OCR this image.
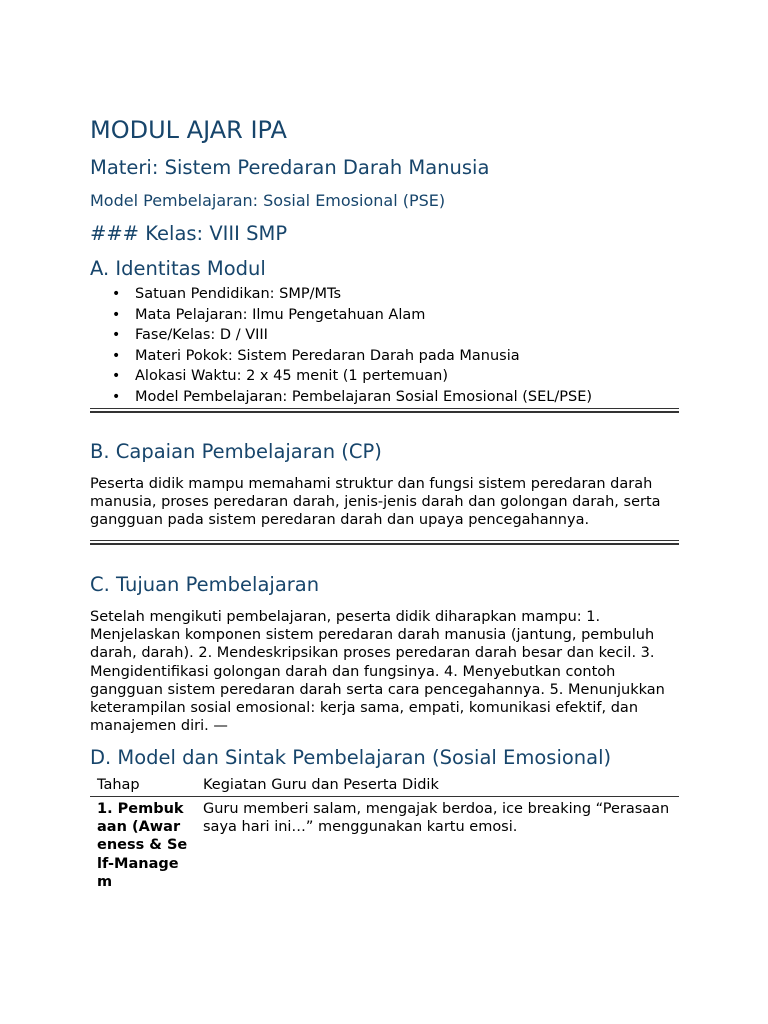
MODUL AJAR IPA
Materi: Sistem Peredaran Darah Manusia
Model Pembelajaran: Sosial Emosional (PSE)
### Kelas: VIII SMP
A. Identitas Modul
• Satuan Pendidikan: SMP/MTs
• Mata Pelajaran: Ilmu Pengetahuan Alam
• Fase/Kelas: D / VIII
• Materi Pokok: Sistem Peredaran Darah pada Manusia
• Alokasi Waktu: 2 x 45 menit (1 pertemuan)
• Model Pembelajaran: Pembelajaran Sosial Emosional (SEL/PSE)
B. Capaian Pembelajaran (CP)

Peserta didik mampu memahami struktur dan fungsi sistem peredaran darah manusia, proses peredaran darah, jenis-jenis darah dan golongan darah, serta gangguan pada sistem peredaran darah dan upaya pencegahannya.

C. Tujuan Pembelajaran

Setelah mengikuti pembelajaran, peserta didik diharapkan mampu: 1. Menjelaskan komponen sistem peredaran darah manusia (jantung, pembuluh darah, darah). 2. Mendeskripsikan proses peredaran darah besar dan kecil. 3. Mengidentifikasi golongan darah dan fungsinya. 4. Menyebutkan contoh gangguan sistem peredaran darah serta cara pencegahannya. 5. Menunjukkan keterampilan sosial emosional: kerja sama, empati, komunikasi efektif, dan manajemen diri. —

D. Model dan Sintak Pembelajaran (Sosial Emosional)
Tahap	Kegiatan Guru dan Peserta Didik
1. Pembukaan (Awareness & Self-Managem	Guru memberi salam, mengajak berdoa, ice breaking “Perasaan saya hari ini…” menggunakan kartu emosi.
